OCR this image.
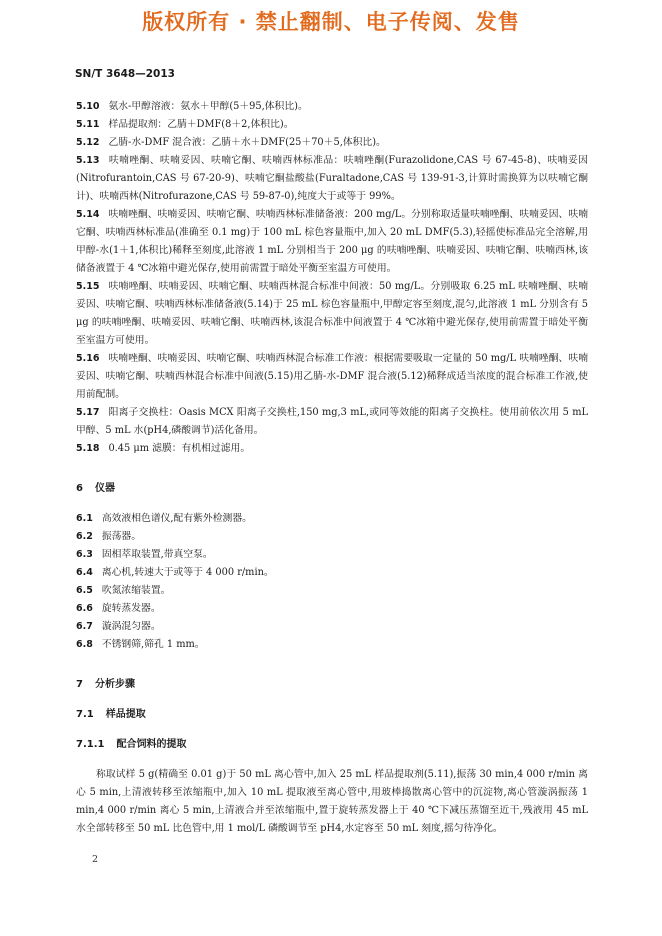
版权所有 · 禁止翻制、电子传阅、发售
SN/T 3648—2013

5.10 氨水-甲醇溶液：氨水＋甲醇(5＋95,体积比)。

5.11 样品提取剂：乙腈＋DMF(8＋2,体积比)。

5.12 乙腈-水-DMF 混合液：乙腈＋水＋DMF(25＋70＋5,体积比)。

5.13 呋喃唑酮、呋喃妥因、呋喃它酮、呋喃西林标准品：呋喃唑酮(Furazolidone,CAS 号 67-45-8)、呋喃妥因(Nitrofurantoin,CAS 号 67-20-9)、呋喃它酮盐酸盐(Furaltadone,CAS 号 139-91-3,计算时需换算为以呋喃它酮计)、呋喃西林(Nitrofurazone,CAS 号 59-87-0),纯度大于或等于 99%。

5.14 呋喃唑酮、呋喃妥因、呋喃它酮、呋喃西林标准储备液：200 mg/L。分别称取适量呋喃唑酮、呋喃妥因、呋喃它酮、呋喃西林标准品(准确至 0.1 mg)于 100 mL 棕色容量瓶中,加入 20 mL DMF(5.3),轻摇使标准品完全溶解,用甲醇-水(1＋1,体积比)稀释至刻度,此溶液 1 mL 分别相当于 200 μg 的呋喃唑酮、呋喃妥因、呋喃它酮、呋喃西林,该储备液置于 4 ℃冰箱中避光保存,使用前需置于暗处平衡至室温方可使用。

5.15 呋喃唑酮、呋喃妥因、呋喃它酮、呋喃西林混合标准中间液：50 mg/L。分别吸取 6.25 mL 呋喃唑酮、呋喃妥因、呋喃它酮、呋喃西林标准储备液(5.14)于 25 mL 棕色容量瓶中,甲醇定容至刻度,混匀,此溶液 1 mL 分别含有 5 μg 的呋喃唑酮、呋喃妥因、呋喃它酮、呋喃西林,该混合标准中间液置于 4 ℃冰箱中避光保存,使用前需置于暗处平衡至室温方可使用。

5.16 呋喃唑酮、呋喃妥因、呋喃它酮、呋喃西林混合标准工作液：根据需要吸取一定量的 50 mg/L 呋喃唑酮、呋喃妥因、呋喃它酮、呋喃西林混合标准中间液(5.15)用乙腈-水-DMF 混合液(5.12)稀释成适当浓度的混合标准工作液,使用前配制。

5.17 阳离子交换柱：Oasis MCX 阳离子交换柱,150 mg,3 mL,或同等效能的阳离子交换柱。使用前依次用 5 mL 甲醇、5 mL 水(pH4,磷酸调节)活化备用。

5.18 0.45 μm 滤膜：有机相过滤用。

6 仪器

6.1 高效液相色谱仪,配有紫外检测器。

6.2 振荡器。

6.3 固相萃取装置,带真空泵。

6.4 离心机,转速大于或等于 4 000 r/min。

6.5 吹氮浓缩装置。

6.6 旋转蒸发器。

6.7 漩涡混匀器。

6.8 不锈钢筛,筛孔 1 mm。

7 分析步骤

7.1 样品提取

7.1.1 配合饲料的提取

称取试样 5 g(精确至 0.01 g)于 50 mL 离心管中,加入 25 mL 样品提取剂(5.11),振荡 30 min,4 000 r/min 离心 5 min,上清液转移至浓缩瓶中,加入 10 mL 提取液至离心管中,用玻棒捣散离心管中的沉淀物,离心管漩涡振荡 1 min,4 000 r/min 离心 5 min,上清液合并至浓缩瓶中,置于旋转蒸发器上于 40 ℃下减压蒸馏至近干,残液用 45 mL 水全部转移至 50 mL 比色管中,用 1 mol/L 磷酸调节至 pH4,水定容至 50 mL 刻度,摇匀待净化。

2
